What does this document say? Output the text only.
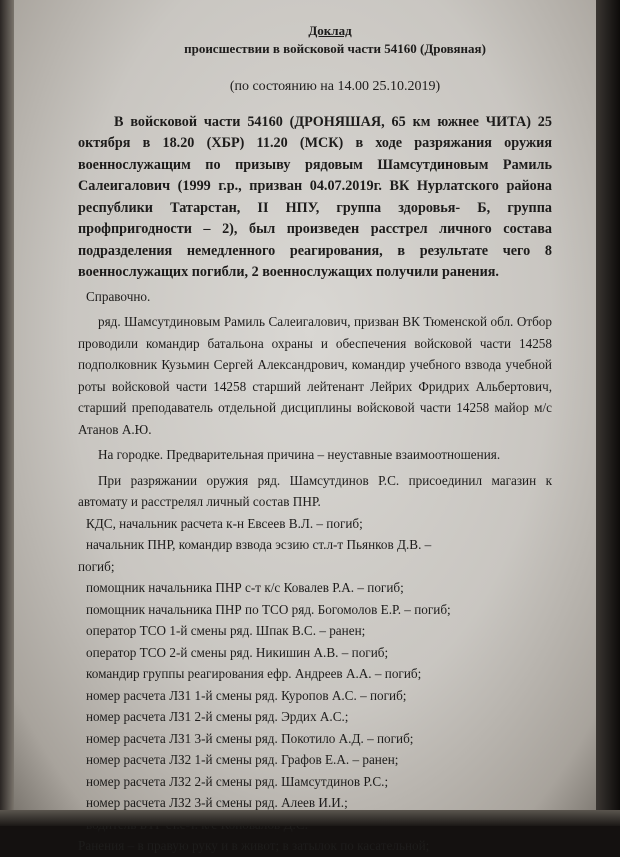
Доклад
происшествии в войсковой части 54160 (Дровяная)
(по состоянию на 14.00 25.10.2019)
В войсковой части 54160 (ДРОНЯШАЯ, 65 км южнее ЧИТА) 25 октября в 18.20 (ХБР) 11.20 (МСК) в ходе разряжания оружия военнослужащим по призыву рядовым Шамсутдиновым Рамиль Салеигалович (1999 г.р., призван 04.07.2019г. ВК Нурлатского района республики Татарстан, II НПУ, группа здоровья- Б, группа профпригодности – 2), был произведен расстрел личного состава подразделения немедленного реагирования, в результате чего 8 военнослужащих погибли, 2 военнослужащих получили ранения.
Справочно.
ряд. Шамсутдиновым Рамиль Салеигалович, призван ВК Тюменской обл. Отбор проводили командир батальона охраны и обеспечения войсковой части 14258 подполковник Кузьмин Сергей Александрович, командир учебного взвода учебной роты войсковой части 14258 старший лейтенант Лейрих Фридрих Альбертович, старший преподаватель отдельной дисциплины войсковой части 14258 майор м/с Атанов А.Ю.
На городке. Предварительная причина – неуставные взаимоотношения.
При разряжании оружия ряд. Шамсутдинов Р.С. присоединил магазин к автомату и расстрелял личный состав ПНР.
КДС, начальник расчета к-н Евсеев В.Л. – погиб;
начальник ПНР, командир взвода эсзию ст.л-т Пьянков Д.В. –
погиб;
помощник начальника ПНР с-т к/с Ковалев Р.А. – погиб;
помощник начальника ПНР по ТСО ряд. Богомолов Е.Р. – погиб;
оператор ТСО 1-й смены ряд. Шпак В.С. – ранен;
оператор ТСО 2-й смены ряд. Никишин А.В. – погиб;
командир группы реагирования ефр. Андреев А.А. – погиб;
номер расчета ЛЗ1 1-й смены ряд. Куропов А.С. – погиб;
номер расчета ЛЗ1 2-й смены ряд. Эрдих А.С.;
номер расчета ЛЗ1 3-й смены ряд. Покотило А.Д. – погиб;
номер расчета ЛЗ2 1-й смены ряд. Графов Е.А. – ранен;
номер расчета ЛЗ2 2-й смены ряд. Шамсутдинов Р.С.;
номер расчета ЛЗ2 3-й смены ряд. Алеев И.И.;
водитель БТР ст.с-т. к/с Коновалов Д.С.
